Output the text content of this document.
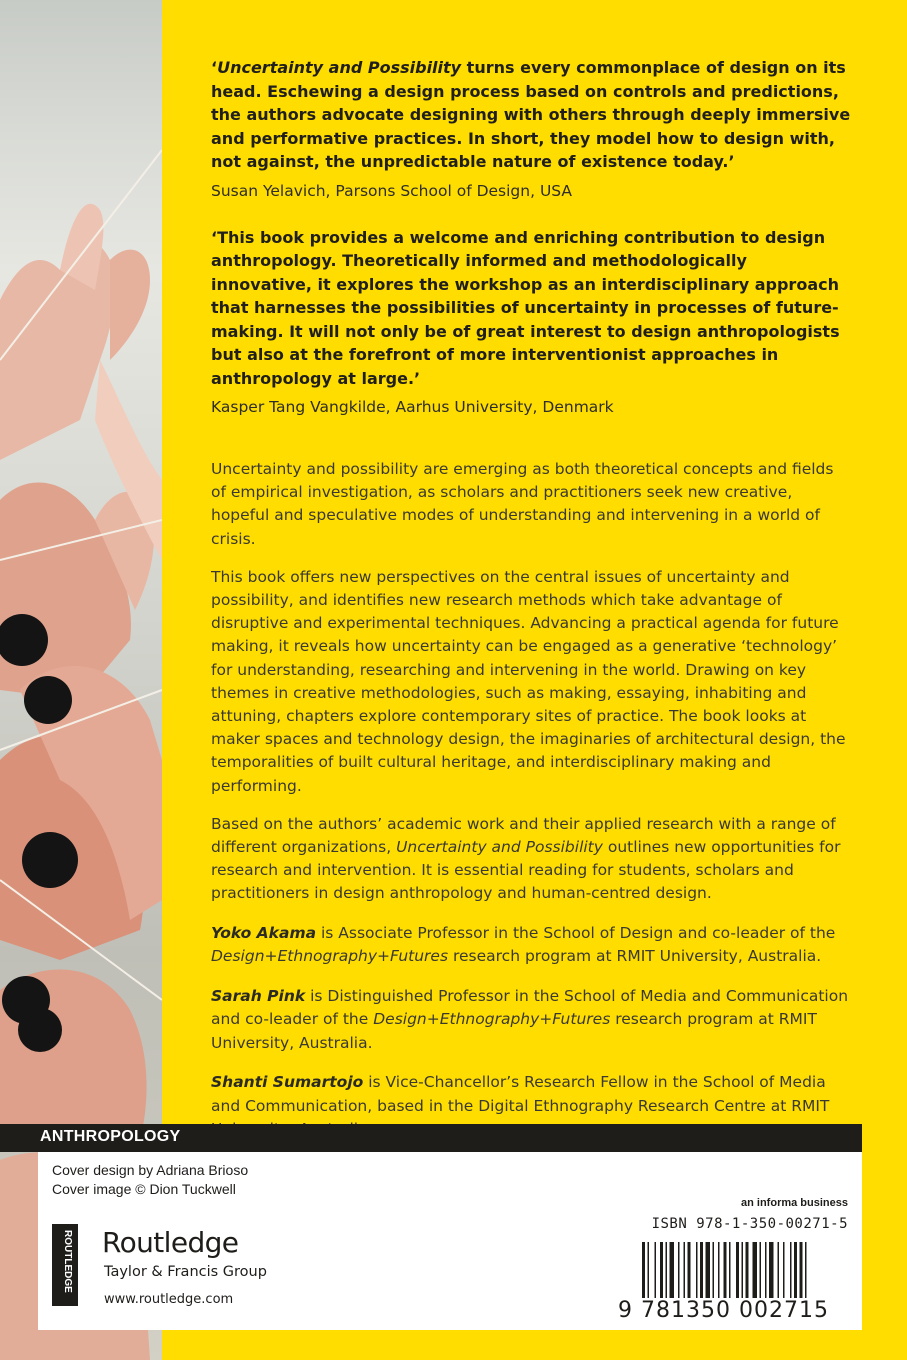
‘Uncertainty and Possibility turns every commonplace of design on its head. Eschewing a design process based on controls and predictions, the authors advocate designing with others through deeply immersive and performative practices. In short, they model how to design with, not against, the unpredictable nature of existence today.’

Susan Yelavich, Parsons School of Design, USA

‘This book provides a welcome and enriching contribution to design anthropology. Theoretically informed and methodologically innovative, it explores the workshop as an interdisciplinary approach that harnesses the possibilities of uncertainty in processes of future-making. It will not only be of great interest to design anthropologists but also at the forefront of more interventionist approaches in anthropology at large.’

Kasper Tang Vangkilde, Aarhus University, Denmark

Uncertainty and possibility are emerging as both theoretical concepts and fields of empirical investigation, as scholars and practitioners seek new creative, hopeful and speculative modes of understanding and intervening in a world of crisis.

This book offers new perspectives on the central issues of uncertainty and possibility, and identifies new research methods which take advantage of disruptive and experimental techniques. Advancing a practical agenda for future making, it reveals how uncertainty can be engaged as a generative ‘technology’ for understanding, researching and intervening in the world. Drawing on key themes in creative methodologies, such as making, essaying, inhabiting and attuning, chapters explore contemporary sites of practice. The book looks at maker spaces and technology design, the imaginaries of architectural design, the temporalities of built cultural heritage, and interdisciplinary making and performing.

Based on the authors’ academic work and their applied research with a range of different organizations, Uncertainty and Possibility outlines new opportunities for research and intervention. It is essential reading for students, scholars and practitioners in design anthropology and human-centred design.

Yoko Akama is Associate Professor in the School of Design and co-leader of the Design+Ethnography+Futures research program at RMIT University, Australia.

Sarah Pink is Distinguished Professor in the School of Media and Communication and co-leader of the Design+Ethnography+Futures research program at RMIT University, Australia.

Shanti Sumartojo is Vice-Chancellor’s Research Fellow in the School of Media and Communication, based in the Digital Ethnography Research Centre at RMIT

ANTHROPOLOGY
Cover design by Adriana Brioso
Cover image © Dion Tuckwell
ROUTLEDGE Routledge
Taylor & Francis Group
www.routledge.com
an informa business
ISBN 978-1-350-00271-5
9 781350 002715
